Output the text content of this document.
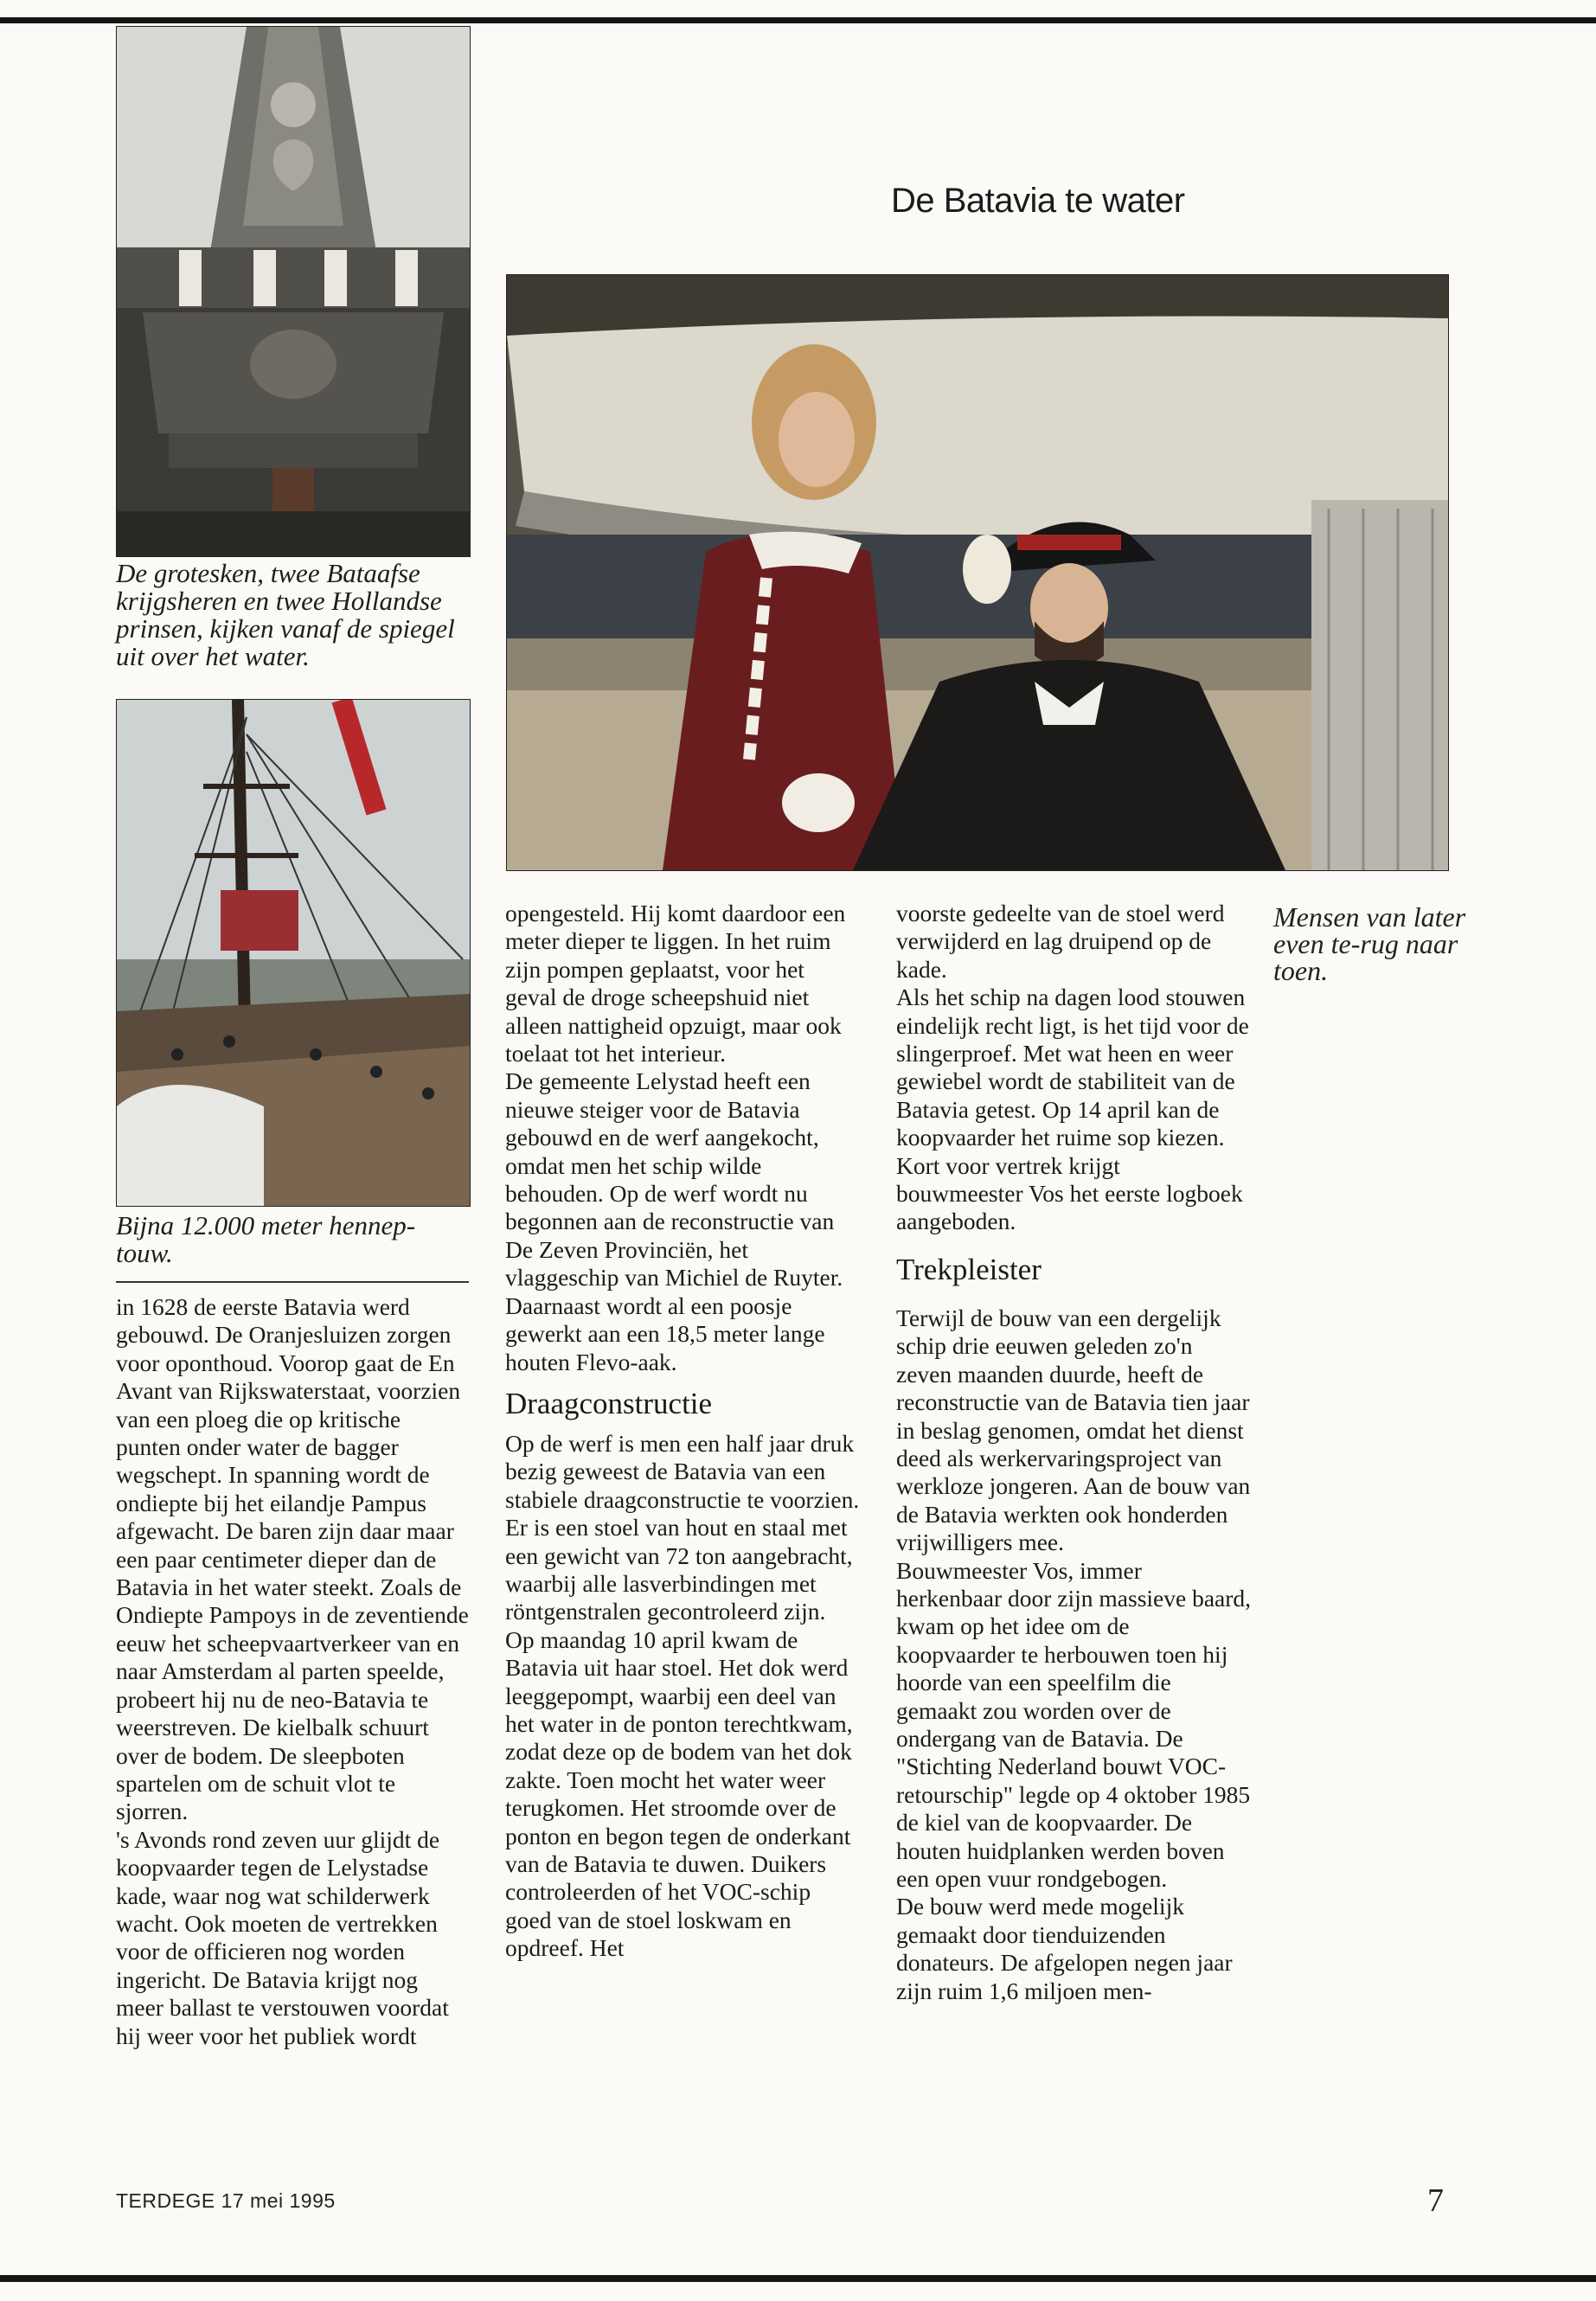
De Batavia te water
De grotesken, twee Bataafse krijgsheren en twee Hollandse prinsen, kijken vanaf de spiegel uit over het water.
Bijna 12.000 meter hennep-touw.
Mensen van later even te-rug naar toen.

in 1628 de eerste Batavia werd gebouwd. De Oranjesluizen zorgen voor oponthoud. Voorop gaat de En Avant van Rijkswaterstaat, voorzien van een ploeg die op kritische punten onder water de bagger wegschept. In spanning wordt de ondiepte bij het eilandje Pampus afgewacht. De baren zijn daar maar een paar centimeter dieper dan de Batavia in het water steekt. Zoals de Ondiepte Pampoys in de zeventiende eeuw het scheepvaartverkeer van en naar Amsterdam al parten speelde, probeert hij nu de neo-Batavia te weerstreven. De kielbalk schuurt over de bodem. De sleepboten spartelen om de schuit vlot te sjorren.

's Avonds rond zeven uur glijdt de koopvaarder tegen de Lelystadse kade, waar nog wat schilderwerk wacht. Ook moeten de vertrekken voor de officieren nog worden ingericht. De Batavia krijgt nog meer ballast te verstouwen voordat hij weer voor het publiek wordt

opengesteld. Hij komt daardoor een meter dieper te liggen. In het ruim zijn pompen geplaatst, voor het geval de droge scheepshuid niet alleen nattigheid opzuigt, maar ook toelaat tot het interieur.

De gemeente Lelystad heeft een nieuwe steiger voor de Batavia gebouwd en de werf aangekocht, omdat men het schip wilde behouden. Op de werf wordt nu begonnen aan de reconstructie van De Zeven Provinciën, het vlaggeschip van Michiel de Ruyter. Daarnaast wordt al een poosje gewerkt aan een 18,5 meter lange houten Flevo-aak.

Draagconstructie

Op de werf is men een half jaar druk bezig geweest de Batavia van een stabiele draagconstructie te voorzien. Er is een stoel van hout en staal met een gewicht van 72 ton aangebracht, waarbij alle lasverbindingen met röntgenstralen gecontroleerd zijn.

Op maandag 10 april kwam de Batavia uit haar stoel. Het dok werd leeggepompt, waarbij een deel van het water in de ponton terechtkwam, zodat deze op de bodem van het dok zakte. Toen mocht het water weer terugkomen. Het stroomde over de ponton en begon tegen de onderkant van de Batavia te duwen. Duikers controleerden of het VOC-schip goed van de stoel loskwam en opdreef. Het

voorste gedeelte van de stoel werd verwijderd en lag druipend op de kade.

Als het schip na dagen lood stouwen eindelijk recht ligt, is het tijd voor de slingerproef. Met wat heen en weer gewiebel wordt de stabiliteit van de Batavia getest. Op 14 april kan de koopvaarder het ruime sop kiezen. Kort voor vertrek krijgt bouwmeester Vos het eerste logboek aangeboden.

Trekpleister

Terwijl de bouw van een dergelijk schip drie eeuwen geleden zo'n zeven maanden duurde, heeft de reconstructie van de Batavia tien jaar in beslag genomen, omdat het dienst deed als werkervaringsproject van werkloze jongeren. Aan de bouw van de Batavia werkten ook honderden vrijwilligers mee.

Bouwmeester Vos, immer herkenbaar door zijn massieve baard, kwam op het idee om de koopvaarder te herbouwen toen hij hoorde van een speelfilm die gemaakt zou worden over de ondergang van de Batavia. De "Stichting Nederland bouwt VOC-retourschip" legde op 4 oktober 1985 de kiel van de koopvaarder. De houten huidplanken werden boven een open vuur rondgebogen.

De bouw werd mede mogelijk gemaakt door tienduizenden donateurs. De afgelopen negen jaar zijn ruim 1,6 miljoen men-

TERDEGE 17 mei 1995	7
